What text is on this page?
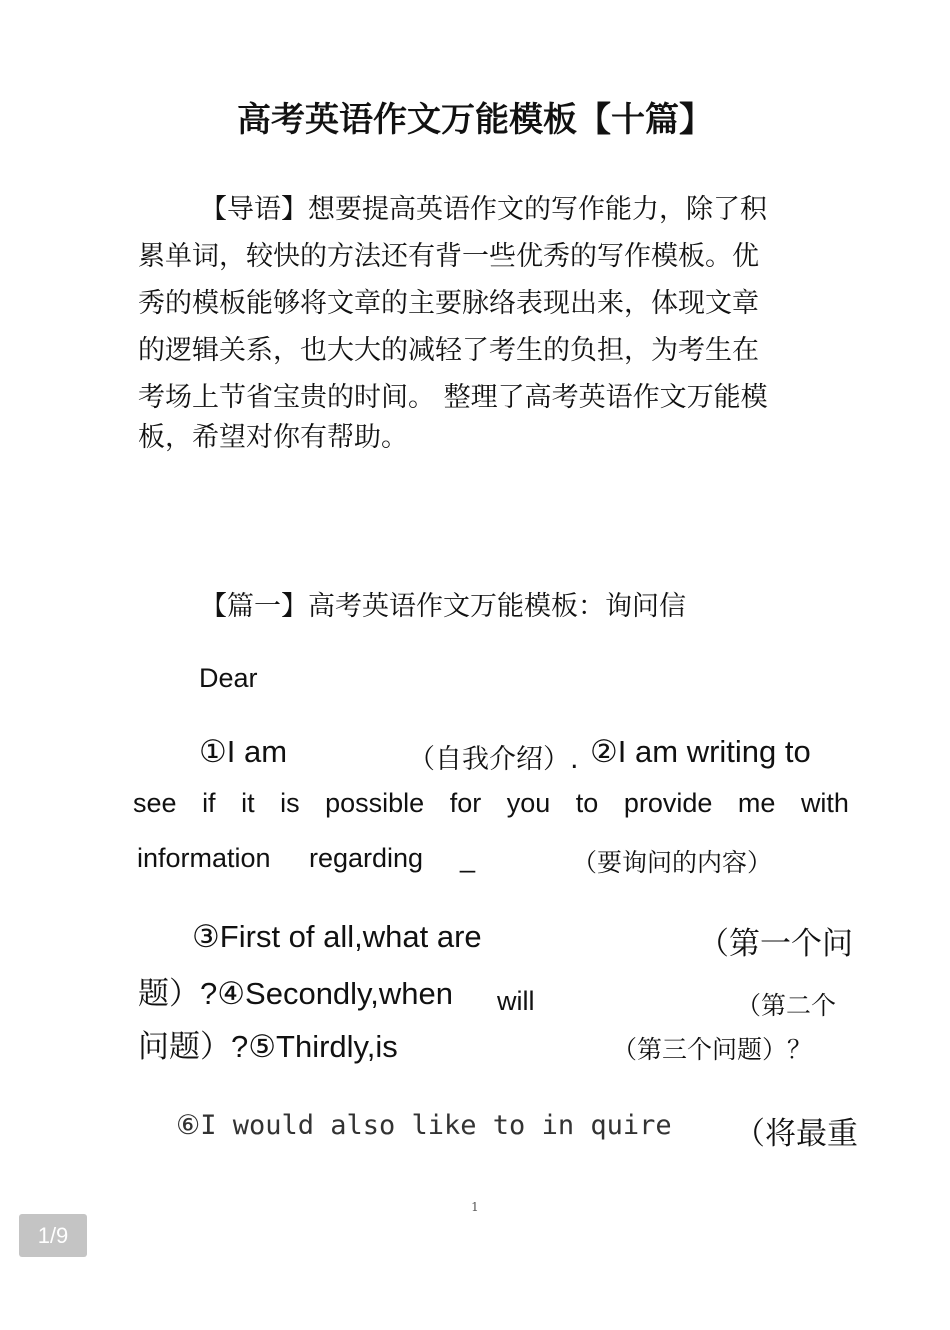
高考英语作文万能模板【十篇】
【导语】想要提高英语作文的写作能力，除了积
累单词，较快的方法还有背一些优秀的写作模板。优
秀的模板能够将文章的主要脉络表现出来，体现文章
的逻辑关系，也大大的减轻了考生的负担，为考生在
考场上节省宝贵的时间。 整理了高考英语作文万能模
板，希望对你有帮助。
【篇一】高考英语作文万能模板：询问信
Dear
①I am	（自我介绍）. ②I am writing to
see if it is possible for you to provide me with
information regarding _	（要询问的内容）
③First of all,what are	（第一个问
题）?④Secondly,when will	（第二个
问题）?⑤Thirdly,is	（第三个问题）？
⑥I would also like to in quire （将最重
1
1/9
